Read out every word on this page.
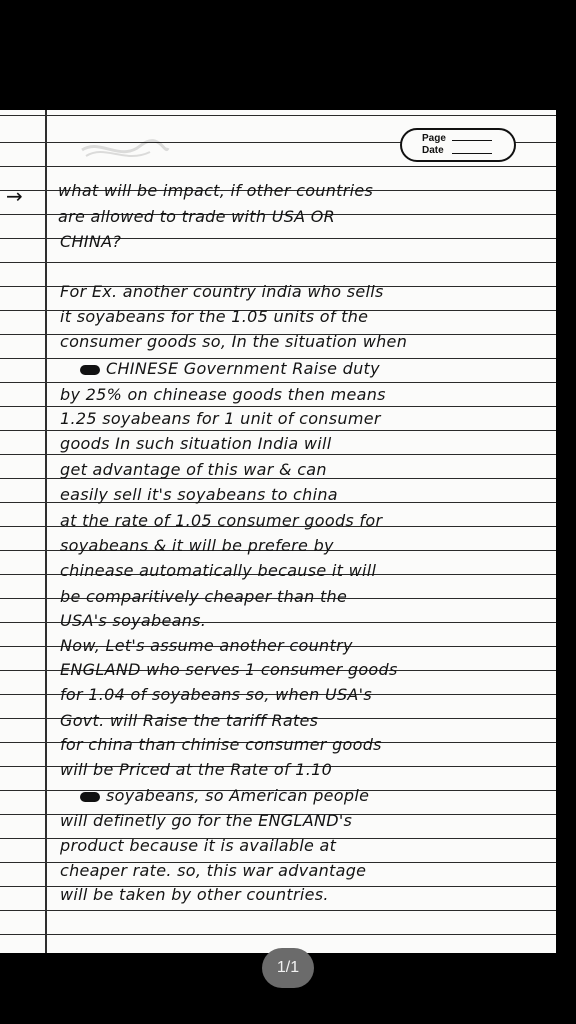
Page
Date
→ what will be impact, if other countries
are allowed to trade with USA OR
CHINA?
For Ex. another country india who sells
it soyabeans for the 1.05 units of the
consumer goods so, In the situation when
CHINESE Government Raise duty
by 25% on chinease goods then means
1.25 soyabeans for 1 unit of consumer
goods In such situation India will
get advantage of this war & can
easily sell it's soyabeans to china
at the rate of 1.05 consumer goods for
soyabeans & it will be prefere by
chinease automatically because it will
be comparitively cheaper than the
USA's soyabeans.
Now, Let's assume another country
ENGLAND who serves 1 consumer goods
for 1.04 of soyabeans so, when USA's
Govt. will Raise the tariff Rates
for china than chinise consumer goods
will be Priced at the Rate of 1.10
soyabeans, so American people
will definetly go for the ENGLAND's
product because it is available at
cheaper rate. so, this war advantage
will be taken by other countries.
1/1
